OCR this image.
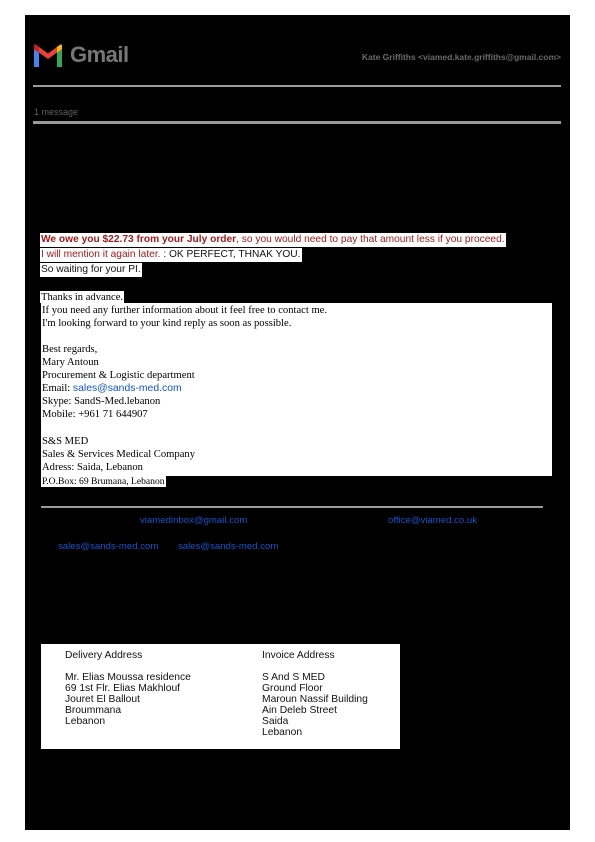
Gmail	Kate Griffiths <viamed.kate.griffiths@gmail.com>
1 message
We owe you $22.73 from your July order, so you would need to pay that amount less if you proceed.
I will mention it again later. : OK PERFECT, THNAK YOU.
So waiting for your PI.
Thanks in advance.
If you need any further information about it feel free to contact me.
I'm looking forward to your kind reply as soon as possible.
Best regards,
Mary Antoun
Procurement & Logistic department
Email: sales@sands-med.com
Skype: SandS-Med.lebanon
Mobile: +961 71 644907
S&S MED
Sales & Services Medical Company
Adress: Saida, Lebanon
P.O.Box: 69 Brumana, Lebanon
viamedinbox@gmail.com	office@viamed.co.uk
sales@sands-med.com sales@sands-med.com
Delivery Address
Mr. Elias Moussa residence
69 1st Flr. Elias Makhlouf
Jouret El Ballout
Broummana
Lebanon
Invoice Address
S And S MED
Ground Floor
Maroun Nassif Building
Ain Deleb Street
Saida
Lebanon
